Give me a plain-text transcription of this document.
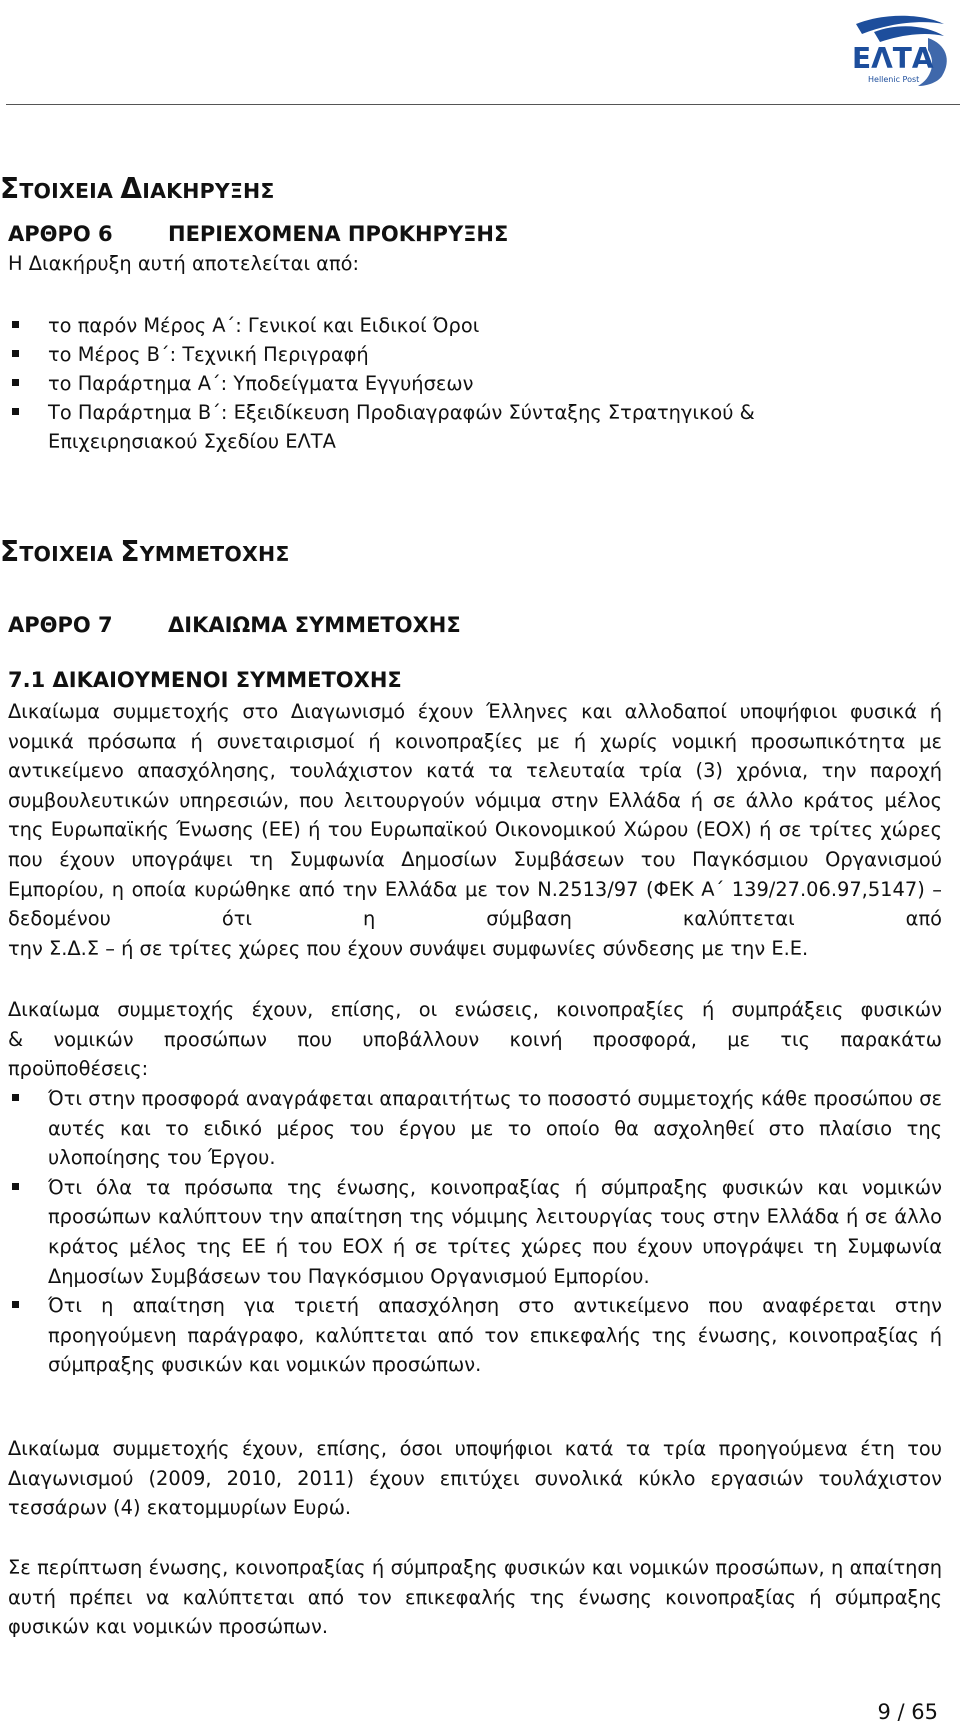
ΕΛΤΑ
Hellenic Post
ΣΤΟΙΧΕΙΑ ΔΙΑΚΗΡΥΞΗΣ
ΑΡΘΡΟ 6	ΠΕΡΙΕΧΟΜΕΝΑ ΠΡΟΚΗΡΥΞΗΣ
Η Διακήρυξη αυτή αποτελείται από:
το παρόν Μέρος Α΄: Γενικοί και Ειδικοί Όροι
το Μέρος Β΄: Τεχνική Περιγραφή
το Παράρτημα Α΄: Υποδείγματα Εγγυήσεων
Το Παράρτημα Β΄: Εξειδίκευση Προδιαγραφών Σύνταξης Στρατηγικού &
Επιχειρησιακού Σχεδίου ΕΛΤΑ
ΣΤΟΙΧΕΙΑ ΣΥΜΜΕΤΟΧΗΣ
ΑΡΘΡΟ 7	ΔΙΚΑΙΩΜΑ ΣΥΜΜΕΤΟΧΗΣ
7.1 ΔΙΚΑΙΟΥΜΕΝΟΙ ΣΥΜΜΕΤΟΧΗΣ

Δικαίωμα συμμετοχής στο Διαγωνισμό έχουν Έλληνες και αλλοδαποί υποψήφιοι φυσικά ή νομικά πρόσωπα ή συνεταιρισμοί ή κοινοπραξίες με ή χωρίς νομική προσωπικότητα με αντικείμενο απασχόλησης, τουλάχιστον κατά τα τελευταία τρία (3) χρόνια, την παροχή συμβουλευτικών υπηρεσιών, που λειτουργούν νόμιμα στην Ελλάδα ή σε άλλο κράτος μέλος της Ευρωπαϊκής Ένωσης (ΕΕ) ή του Ευρωπαϊκού Οικονομικού Χώρου (ΕΟΧ) ή σε τρίτες χώρες που έχουν υπογράψει τη Συμφωνία Δημοσίων Συμβάσεων του Παγκόσμιου Οργανισμού Εμπορίου, η οποία κυρώθηκε από την Ελλάδα με τον Ν.2513/97 (ΦΕΚ Α΄ 139/27.06.97,5147) – δεδομένου ότι η σύμβαση καλύπτεται από

την Σ.Δ.Σ – ή σε τρίτες χώρες που έχουν συνάψει συμφωνίες σύνδεσης με την Ε.Ε.

Δικαίωμα συμμετοχής έχουν, επίσης, οι ενώσεις, κοινοπραξίες ή συμπράξεις φυσικών

& νομικών προσώπων που υποβάλλουν κοινή προσφορά, με τις παρακάτω

προϋποθέσεις:

Ότι στην προσφορά αναγράφεται απαραιτήτως το ποσοστό συμμετοχής κάθε προσώπου σε αυτές και το ειδικό μέρος του έργου με το οποίο θα ασχοληθεί στο πλαίσιο της υλοποίησης του Έργου.
Ότι όλα τα πρόσωπα της ένωσης, κοινοπραξίας ή σύμπραξης φυσικών και νομικών προσώπων καλύπτουν την απαίτηση της νόμιμης λειτουργίας τους στην Ελλάδα ή σε άλλο κράτος μέλος της ΕΕ ή του ΕΟΧ ή σε τρίτες χώρες που έχουν υπογράψει τη Συμφωνία Δημοσίων Συμβάσεων του Παγκόσμιου Οργανισμού Εμπορίου.
Ότι η απαίτηση για τριετή απασχόληση στο αντικείμενο που αναφέρεται στην προηγούμενη παράγραφο, καλύπτεται από τον επικεφαλής της ένωσης, κοινοπραξίας ή σύμπραξης φυσικών και νομικών προσώπων.

Δικαίωμα συμμετοχής έχουν, επίσης, όσοι υποψήφιοι κατά τα τρία προηγούμενα έτη του Διαγωνισμού (2009, 2010, 2011) έχουν επιτύχει συνολικά κύκλο εργασιών τουλάχιστον τεσσάρων (4) εκατομμυρίων Ευρώ.

Σε περίπτωση ένωσης, κοινοπραξίας ή σύμπραξης φυσικών και νομικών προσώπων, η απαίτηση αυτή πρέπει να καλύπτεται από τον επικεφαλής της ένωσης κοινοπραξίας ή σύμπραξης φυσικών και νομικών προσώπων.

9 / 65
